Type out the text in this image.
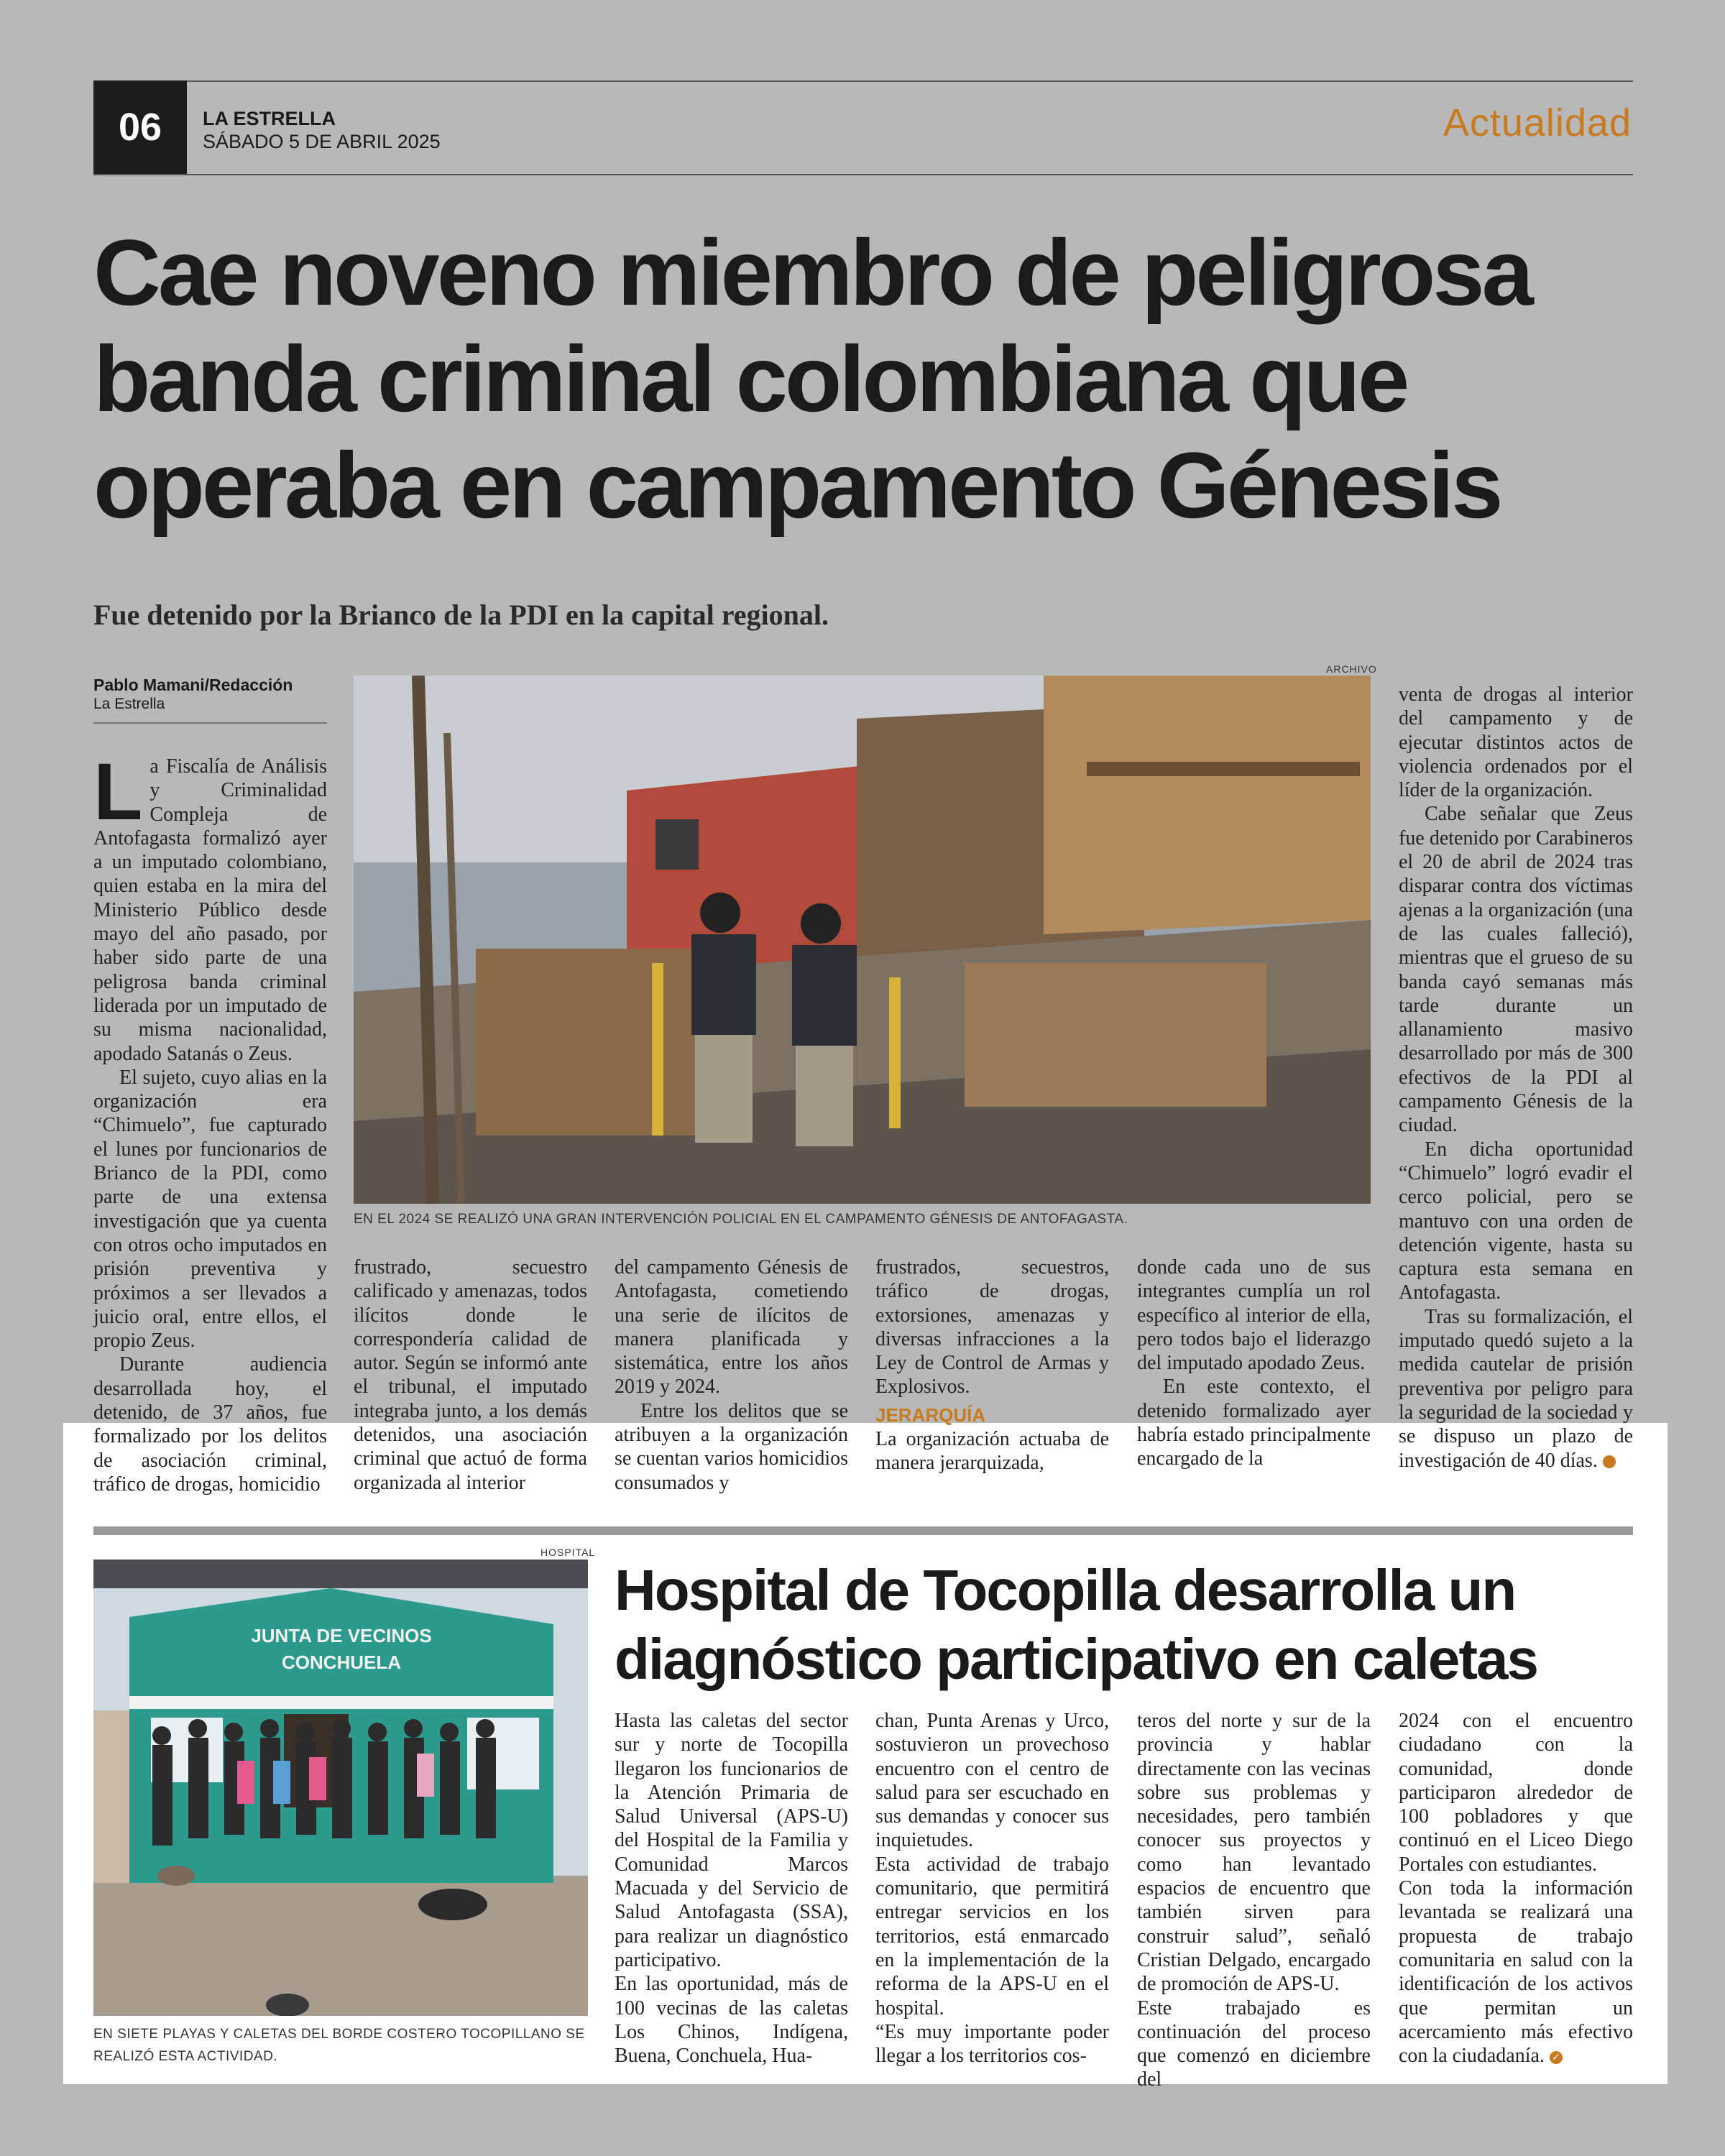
06	LA ESTRELLA
SÁBADO 5 DE ABRIL 2025	Actualidad
Cae noveno miembro de peligrosa banda criminal colombiana que operaba en campamento Génesis
Fue detenido por la Brianco de la PDI en la capital regional.
Pablo Mamani/Redacción
La Estrella
ARCHIVO
EN EL 2024 SE REALIZÓ UNA GRAN INTERVENCIÓN POLICIAL EN EL CAMPAMENTO GÉNESIS DE ANTOFAGASTA.

La Fiscalía de Análisis y Criminalidad Compleja de Antofagasta formalizó ayer a un imputado colombiano, quien estaba en la mira del Ministerio Público desde mayo del año pasado, por haber sido parte de una peligrosa banda criminal liderada por un imputado de su misma nacionalidad, apodado Satanás o Zeus.

El sujeto, cuyo alias en la organización era “Chimuelo”, fue capturado el lunes por funcionarios de Brianco de la PDI, como parte de una extensa investigación que ya cuenta con otros ocho imputados en prisión preventiva y próximos a ser llevados a juicio oral, entre ellos, el propio Zeus.

Durante audiencia desarrollada hoy, el detenido, de 37 años, fue formalizado por los delitos de asociación criminal, tráfico de drogas, homicidio

frustrado, secuestro calificado y amenazas, todos ilícitos donde le correspondería calidad de autor. Según se informó ante el tribunal, el imputado integraba junto, a los demás detenidos, una asociación criminal que actuó de forma organizada al interior

del campamento Génesis de Antofagasta, cometiendo una serie de ilícitos de manera planificada y sistemática, entre los años 2019 y 2024.

Entre los delitos que se atribuyen a la organización se cuentan varios homicidios consumados y

frustrados, secuestros, tráfico de drogas, extorsiones, amenazas y diversas infracciones a la Ley de Control de Armas y Explosivos.

JERARQUÍA

La organización actuaba de manera jerarquizada,

donde cada uno de sus integrantes cumplía un rol específico al interior de ella, pero todos bajo el liderazgo del imputado apodado Zeus.

En este contexto, el detenido formalizado ayer habría estado principalmente encargado de la

venta de drogas al interior del campamento y de ejecutar distintos actos de violencia ordenados por el líder de la organización.

Cabe señalar que Zeus fue detenido por Carabineros el 20 de abril de 2024 tras disparar contra dos víctimas ajenas a la organización (una de las cuales falleció), mientras que el grueso de su banda cayó semanas más tarde durante un allanamiento masivo desarrollado por más de 300 efectivos de la PDI al campamento Génesis de la ciudad.

En dicha oportunidad “Chimuelo” logró evadir el cerco policial, pero se mantuvo con una orden de detención vigente, hasta su captura esta semana en Antofagasta.

Tras su formalización, el imputado quedó sujeto a la medida cautelar de prisión preventiva por peligro para la seguridad de la sociedad y se dispuso un plazo de investigación de 40 días.	✓

HOSPITAL
JUNTA DE VECINOS
CONCHUELA
EN SIETE PLAYAS Y CALETAS DEL BORDE COSTERO TOCOPILLANO SE REALIZÓ ESTA ACTIVIDAD.
Hospital de Tocopilla desarrolla un diagnóstico participativo en caletas

Hasta las caletas del sector sur y norte de Tocopilla llegaron los funcionarios de la Atención Primaria de Salud Universal (APS-U) del Hospital de la Familia y Comunidad Marcos Macuada y del Servicio de Salud Antofagasta (SSA), para realizar un diagnóstico participativo.

En las oportunidad, más de 100 vecinas de las caletas Los Chinos, Indígena, Buena, Conchuela, Hua-

chan, Punta Arenas y Urco, sostuvieron un provechoso encuentro con el centro de salud para ser escuchado en sus demandas y conocer sus inquietudes.

Esta actividad de trabajo comunitario, que permitirá entregar servicios en los territorios, está enmarcado en la implementación de la reforma de la APS-U en el hospital.

“Es muy importante poder llegar a los territorios cos-

teros del norte y sur de la provincia y hablar directamente con las vecinas sobre sus problemas y necesidades, pero también conocer sus proyectos y como han levantado espacios de encuentro que también sirven para construir salud”, señaló Cristian Delgado, encargado de promoción de APS-U.

Este trabajado es continuación del proceso que comenzó en diciembre del

2024 con el encuentro ciudadano con la comunidad, donde participaron alrededor de 100 pobladores y que continuó en el Liceo Diego Portales con estudiantes.

Con toda la información levantada se realizará una propuesta de trabajo comunitaria en salud con la identificación de los activos que permitan un acercamiento más efectivo con la ciudadanía. ✓
